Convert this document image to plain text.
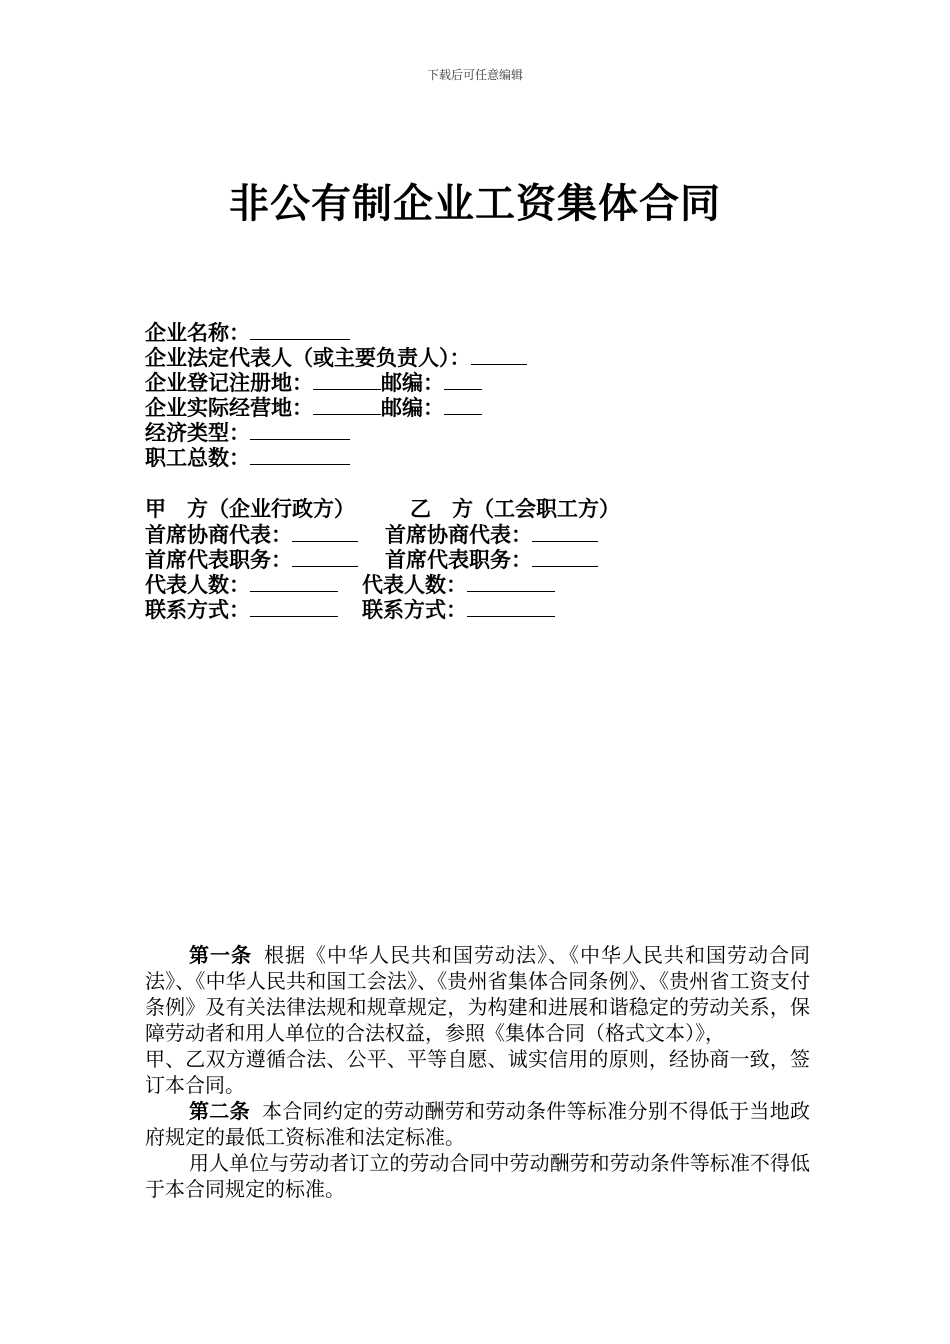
下载后可任意编辑
非公有制企业工资集体合同
企业名称：
企业法定代表人（或主要负责人）：
企业登记注册地：	邮编：
企业实际经营地：	邮编：
经济类型：
职工总数：
甲　方（企业行政方）	乙　方（工会职工方）
首席协商代表：	首席协商代表：
首席代表职务：	首席代表职务：
代表人数：	代表人数：
联系方式：	联系方式：

第一条 根据《中华人民共和国劳动法》、《中华人民共和国劳动合同法》、《中华人民共和国工会法》、《贵州省集体合同条例》、《贵州省工资支付条例》及有关法律法规和规章规定，为构建和进展和谐稳定的劳动关系，保障劳动者和用人单位的合法权益，参照《集体合同（格式文本）》，

甲、乙双方遵循合法、公平、平等自愿、诚实信用的原则，经协商一致，签订本合同。

第二条 本合同约定的劳动酬劳和劳动条件等标准分别不得低于当地政府规定的最低工资标准和法定标准。

用人单位与劳动者订立的劳动合同中劳动酬劳和劳动条件等标准不得低于本合同规定的标准。
